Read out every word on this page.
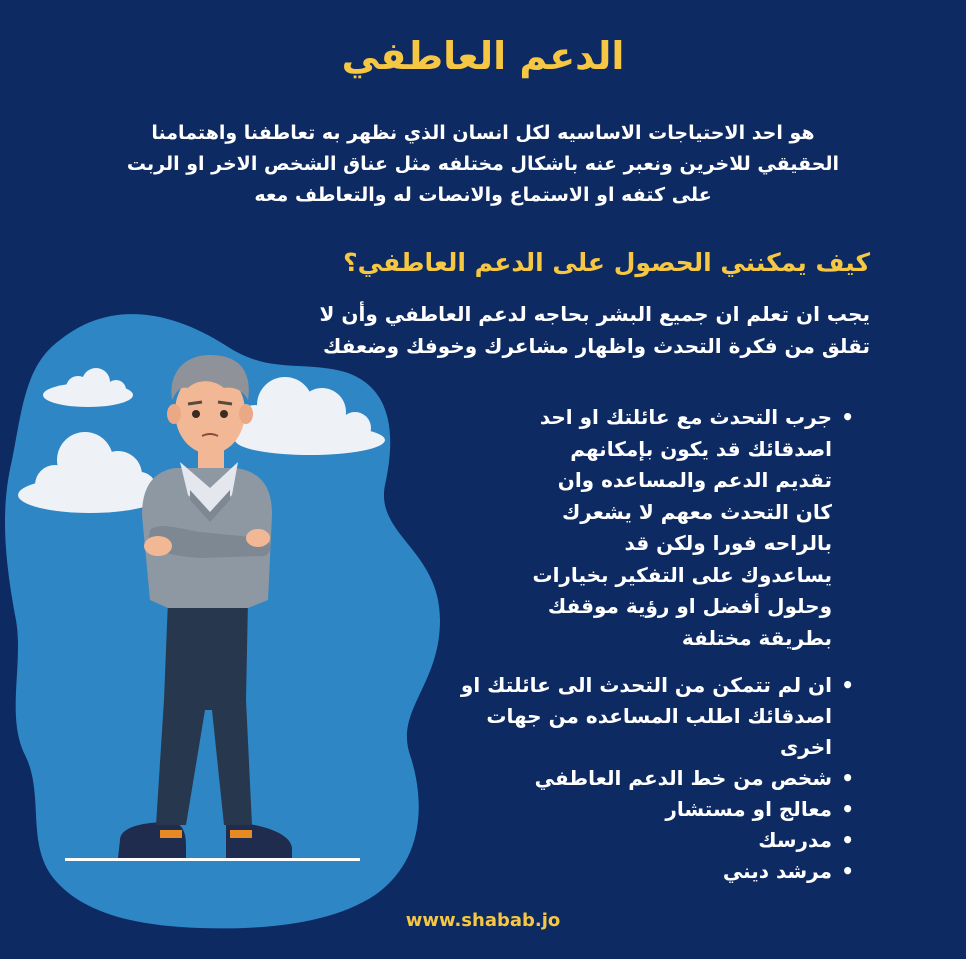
الدعم العاطفي
هو احد الاحتياجات الاساسيه لكل انسان الذي نظهر به تعاطفنا واهتمامنا
الحقيقي للاخرين ونعبر عنه باشكال مختلفه مثل عناق الشخص الاخر او الربت
على كتفه او الاستماع والانصات له والتعاطف معه
كيف يمكنني الحصول على الدعم العاطفي؟
يجب ان تعلم ان جميع البشر بحاجه لدعم العاطفي وأن لا
تقلق من فكرة التحدث واظهار مشاعرك وخوفك وضعفك
• جرب التحدث مع عائلتك او احد اصدقائك قد يكون بإمكانهم تقديم الدعم والمساعده وان كان التحدث معهم لا يشعرك بالراحه فورا ولكن قد يساعدوك على التفكير بخيارات وحلول أفضل او رؤية موقفك بطريقة مختلفة
• ان لم تتمكن من التحدث الى عائلتك او اصدقائك اطلب المساعده من جهات اخرى
• شخص من خط الدعم العاطفي
• معالج او مستشار
• مدرسك
• مرشد ديني
www.shabab.jo
